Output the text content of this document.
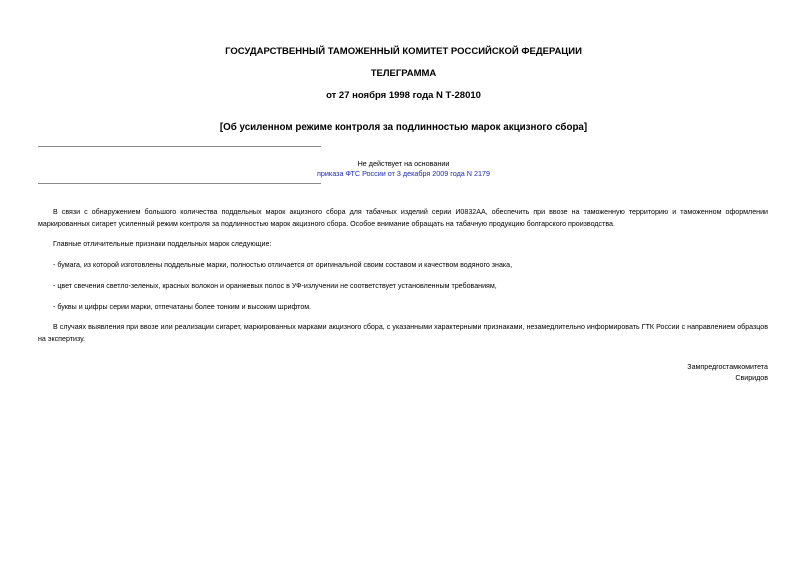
ГОСУДАРСТВЕННЫЙ ТАМОЖЕННЫЙ КОМИТЕТ РОССИЙСКОЙ ФЕДЕРАЦИИ
ТЕЛЕГРАММА
от 27 ноября 1998 года N Т-28010
[Об усиленном режиме контроля за подлинностью марок акцизного сбора]
Не действует на основании
приказа ФТС России от 3 декабря 2009 года N 2179
В связи с обнаружением большого количества поддельных марок акцизного сбора для табачных изделий серии И0832АА, обеспечить при ввозе на таможенную территорию и таможенном оформлении маркированных сигарет усиленный режим контроля за подлинностью марок акцизного сбора. Особое внимание обращать на табачную продукцию болгарского производства.
Главные отличительные признаки поддельных марок следующие:
- бумага, из которой изготовлены поддельные марки, полностью отличается от оригинальной своим составом и качеством водяного знака,
- цвет свечения светло-зеленых, красных волокон и оранжевых полос в УФ-излучении не соответствует установленным требованиям,
- буквы и цифры серии марки, отпечатаны более тонким и высоким шрифтом.
В случаях выявления при ввозе или реализации сигарет, маркированных марками акцизного сбора, с указанными характерными признаками, незамедлительно информировать ГТК России с направлением образцов на экспертизу.
Зампредгостамкомитета
Свиридов
